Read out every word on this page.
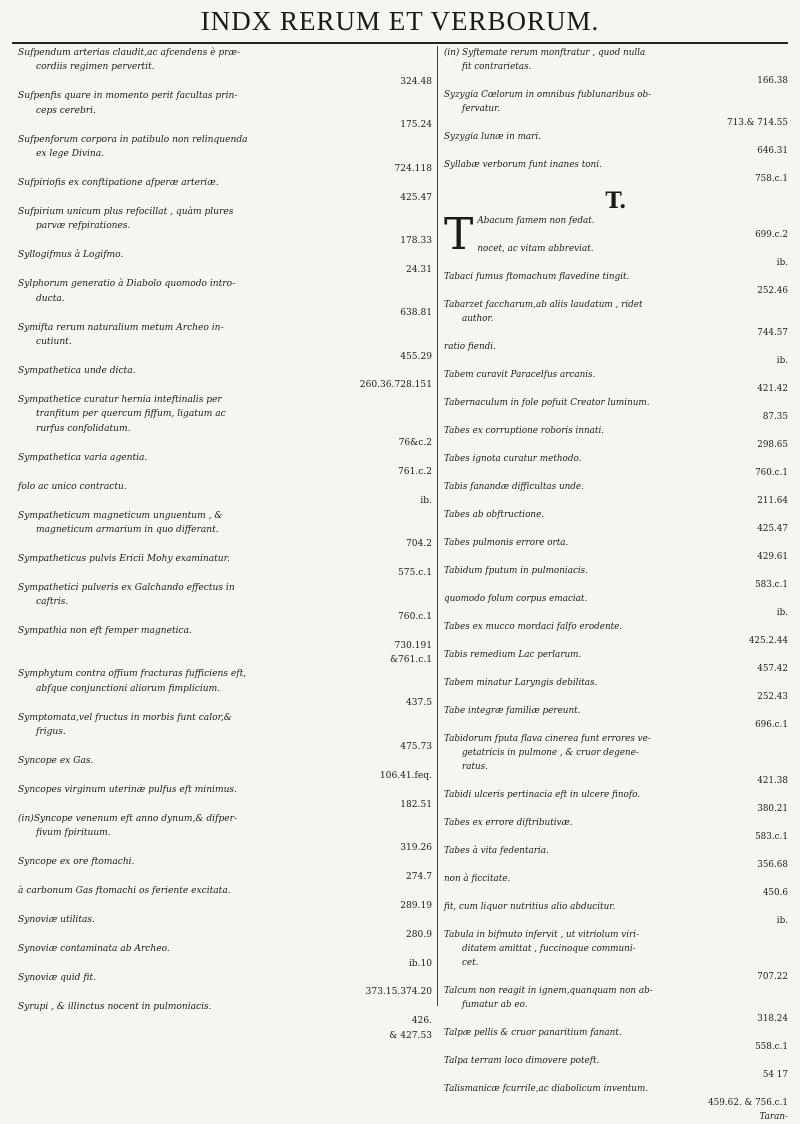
INDX RERUM ET VERBORUM.
Sufpendum arterias claudit,ac afcendens è præ-
cordiis regimen pervertit.
324.48
Sufpenfis quare in momento perit facultas prin-
ceps cerebri.
175.24
Sufpenforum corpora in patibulo non relinquenda
ex lege Divina.
724.118
Sufpiriofis ex conftipatione afperæ arteriæ.
425.47
Sufpirium unicum plus refocillat , quàm plures
parvæ refpirationes.
178.33
Syllogifmus à Logifmo.
24.31
Sylphorum generatio à Diabolo quomodo intro-
ducta.
638.81
Symifta rerum naturalium metum Archeo in-
cutiunt.
455.29
Sympathetica unde dicta.
260.36.728.151
Sympathetice curatur hernia inteftinalis per
tranfitum per quercum fiffum, ligatum ac
rurfus confolidatum.
76&c.2
Sympathetica varia agentia.
761.c.2
folo ac unico contractu.
ib.
Sympatheticum magneticum unguentum , &
magneticum armarium in quo differant.
704.2
Sympatheticus pulvis Ericii Mohy examinatur.
575.c.1
Sympathetici pulveris ex Galchando effectus in
caftris.
760.c.1
Sympathia non eft femper magnetica.
730.191
&761.c.1
Symphytum contra offium fracturas fufficiens eft,
abfque conjunctioni aliorum fimplicium.
437.5
Symptomata,vel fructus in morbis funt calor,&
frigus.
475.73
Syncope ex Gas.
106.41.feq.
Syncopes virginum uterinæ pulfus eft minimus.
182.51
(in)Syncope venenum eft anno dynum,& difper-
fivum fpirituum.
319.26
Syncope ex ore ftomachi.
274.7
à carbonum Gas ftomachi os feriente excitata.
289.19
Synoviæ utilitas.
280.9
Synoviæ contaminata ab Archeo.
ib.10
Synoviæ quid fit.
373.15.374.20
Syrupi , & illinctus nocent in pulmoniacis.
426.
& 427.53
(in) Syftemate rerum monftratur , quod nulla
fit contrarietas.
166.38
Syzygia Cœlorum in omnibus fublunaribus ob-
fervatur.
713.& 714.55
Syzygia lunæ in mari.
646.31
Syllabæ verborum funt inanes toni.
758.c.1
T.
T Abacum famem non fedat.
699.c.2
nocet, ac vitam abbreviat.
ib.
Tabaci fumus ftomachum flavedine tingit.
252.46
Tabarzet faccharum,ab aliis laudatum , ridet
author.
744.57
ratio fiendi.
ib.
Tabem curavit Paracelfus arcanis.
421.42
Tabernaculum in fole pofuit Creator luminum.
87.35
Tabes ex corruptione roboris innati.
298.65
Tabes ignota curatur methodo.
760.c.1
Tabis fanandæ difficultas unde.
211.64
Tabes ab obftructione.
425.47
Tabes pulmonis errore orta.
429.61
Tabidum fputum in pulmoniacis.
583.c.1
quomodo folum corpus emaciat.
ib.
Tabes ex mucco mordaci falfo erodente.
425.2.44
Tabis remedium Lac perlarum.
457.42
Tabem minatur Laryngis debilitas.
252.43
Tabe integræ familiæ pereunt.
696.c.1
Tabidorum fputa flava cinerea funt errores ve-
getatricis in pulmone , & cruor degene-
ratus.
421.38
Tabidi ulceris pertinacia eft in ulcere finofo.
380.21
Tabes ex errore diftributivæ.
583.c.1
Tabes à vita fedentaria.
356.68
non à ficcitate.
450.6
fit, cum liquor nutritius alio abducitur.
ib.
Tabula in bifmuto infervit , ut vitriolum viri-
ditatem amittat , fuccinoque communi-
cet.
707.22
Talcum non reagit in ignem,quanquam non ab-
fumatur ab eo.
318.24
Talpæ pellis & cruor panaritium fanant.
558.c.1
Talpa terram loco dimovere poteft.
54 17
Talismanicæ fcurrile,ac diabolicum inventum.
459.62. & 756.c.1
Taran-
